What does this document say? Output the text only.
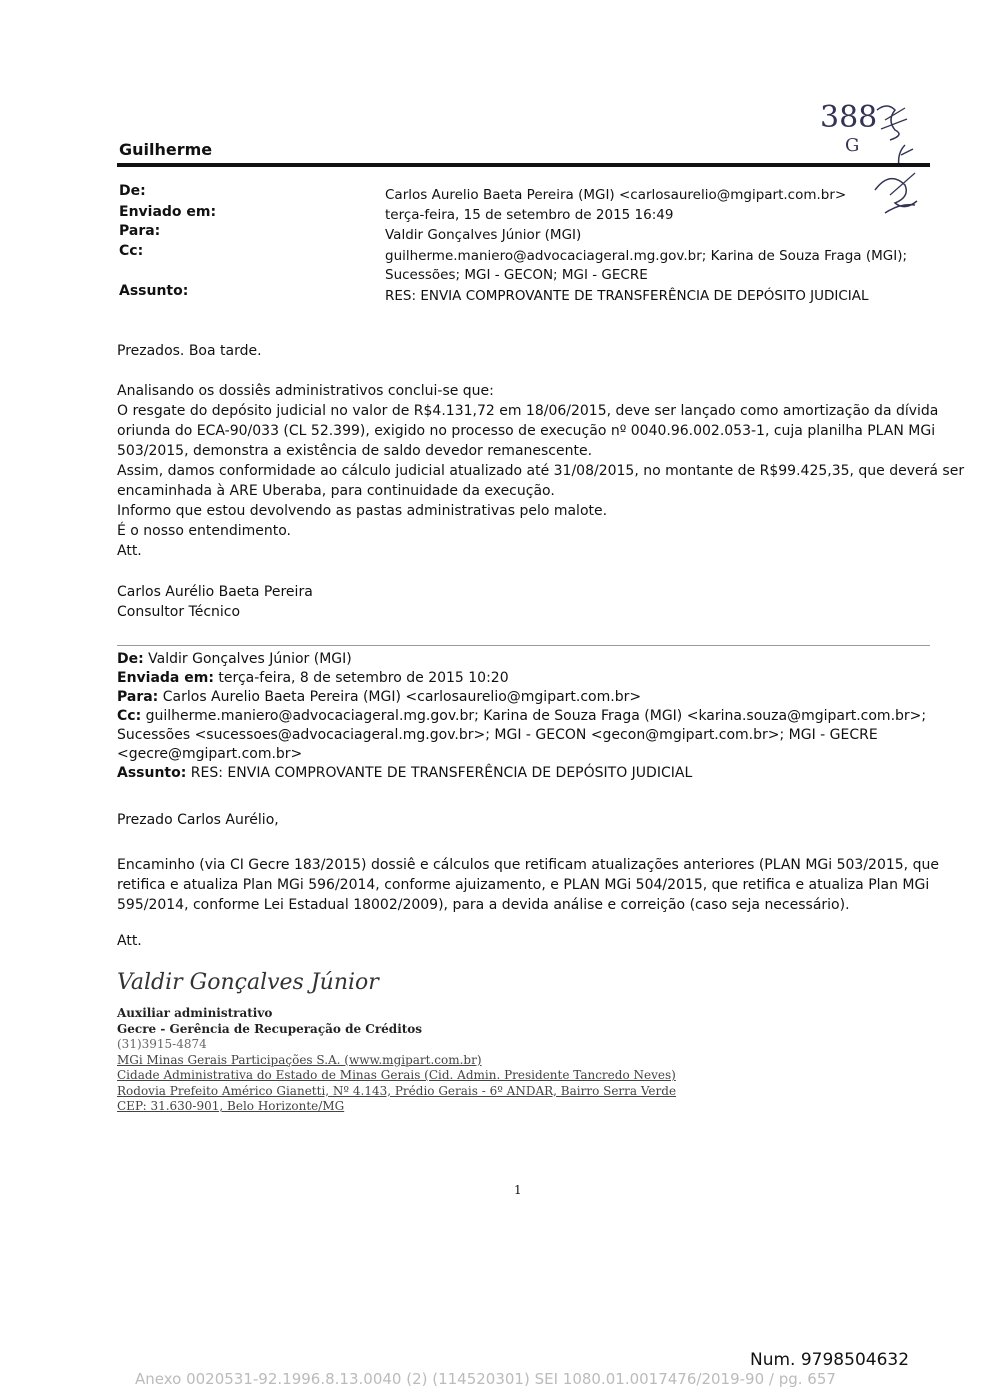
388
G
Guilherme
De:
Enviado em:
Para:
Cc:
Assunto:
Carlos Aurelio Baeta Pereira (MGI) <carlosaurelio@mgipart.com.br>
terça-feira, 15 de setembro de 2015 16:49
Valdir Gonçalves Júnior (MGI)
guilherme.maniero@advocaciageral.mg.gov.br; Karina de Souza Fraga (MGI);
Sucessões; MGI - GECON; MGI - GECRE
RES: ENVIA COMPROVANTE DE TRANSFERÊNCIA DE DEPÓSITO JUDICIAL
Prezados. Boa tarde.
Analisando os dossiês administrativos conclui-se que:
O resgate do depósito judicial no valor de R$4.131,72 em 18/06/2015, deve ser lançado como amortização da dívida
oriunda do ECA-90/033 (CL 52.399), exigido no processo de execução nº 0040.96.002.053-1, cuja planilha PLAN MGi
503/2015, demonstra a existência de saldo devedor remanescente.
Assim, damos conformidade ao cálculo judicial atualizado até 31/08/2015, no montante de R$99.425,35, que deverá ser
encaminhada à ARE Uberaba, para continuidade da execução.
Informo que estou devolvendo as pastas administrativas pelo malote.
É o nosso entendimento.
Att.
Carlos Aurélio Baeta Pereira
Consultor Técnico
De: Valdir Gonçalves Júnior (MGI)
Enviada em: terça-feira, 8 de setembro de 2015 10:20
Para: Carlos Aurelio Baeta Pereira (MGI) <carlosaurelio@mgipart.com.br>
Cc: guilherme.maniero@advocaciageral.mg.gov.br; Karina de Souza Fraga (MGI) <karina.souza@mgipart.com.br>;
Sucessões <sucessoes@advocaciageral.mg.gov.br>; MGI - GECON <gecon@mgipart.com.br>; MGI - GECRE
<gecre@mgipart.com.br>
Assunto: RES: ENVIA COMPROVANTE DE TRANSFERÊNCIA DE DEPÓSITO JUDICIAL
Prezado Carlos Aurélio,
Encaminho (via CI Gecre 183/2015) dossiê e cálculos que retificam atualizações anteriores (PLAN MGi 503/2015, que
retifica e atualiza Plan MGi 596/2014, conforme ajuizamento, e PLAN MGi 504/2015, que retifica e atualiza Plan MGi
595/2014, conforme Lei Estadual 18002/2009), para a devida análise e correição (caso seja necessário).
Att.
Valdir Gonçalves Júnior
Auxiliar administrativo
Gecre - Gerência de Recuperação de Créditos
(31)3915-4874
MGi Minas Gerais Participações S.A. (www.mgipart.com.br)
Cidade Administrativa do Estado de Minas Gerais (Cid. Admin. Presidente Tancredo Neves)
Rodovia Prefeito Américo Gianetti, Nº 4.143, Prédio Gerais - 6º ANDAR, Bairro Serra Verde
CEP: 31.630-901, Belo Horizonte/MG
1
Num. 9798504632
Anexo 0020531-92.1996.8.13.0040 (2) (114520301) SEI 1080.01.0017476/2019-90 / pg. 657
